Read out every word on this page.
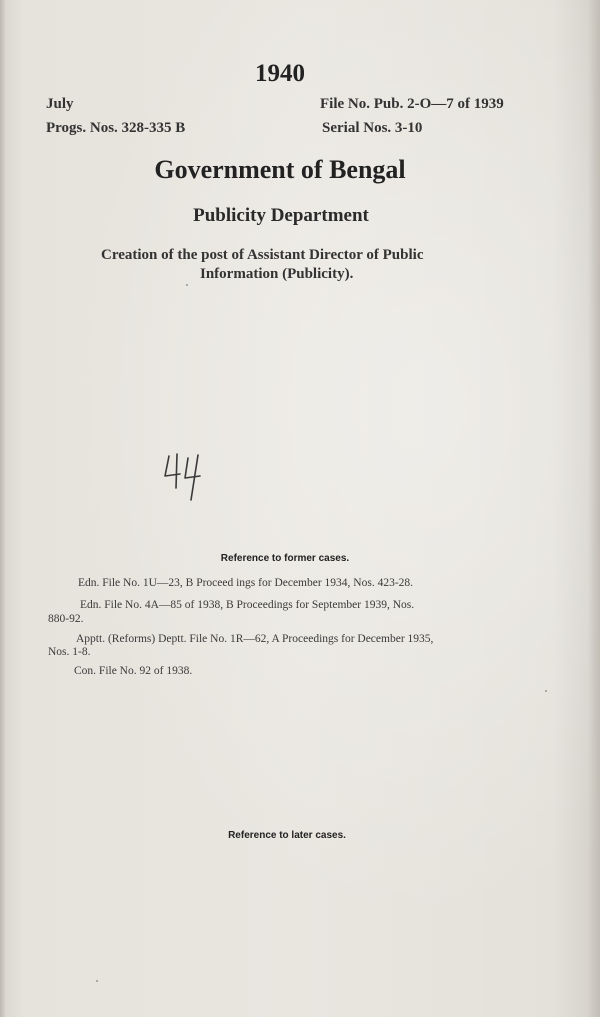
1940
July
Progs. Nos. 328-335 B
File No. Pub. 2-O—7 of 1939
Serial Nos. 3-10
Government of Bengal
Publicity Department
Creation of the post of Assistant Director of Public
Information (Publicity).
44
Reference to former cases.
Edn. File No. 1U—23, B Proceed ings for December 1934, Nos. 423-28.
Edn. File No. 4A—85 of 1938, B Proceedings for September 1939, Nos.
880-92.
Apptt. (Reforms) Deptt. File No. 1R—62, A Proceedings for December 1935,
Nos. 1-8.
Con. File No. 92 of 1938.
Reference to later cases.
